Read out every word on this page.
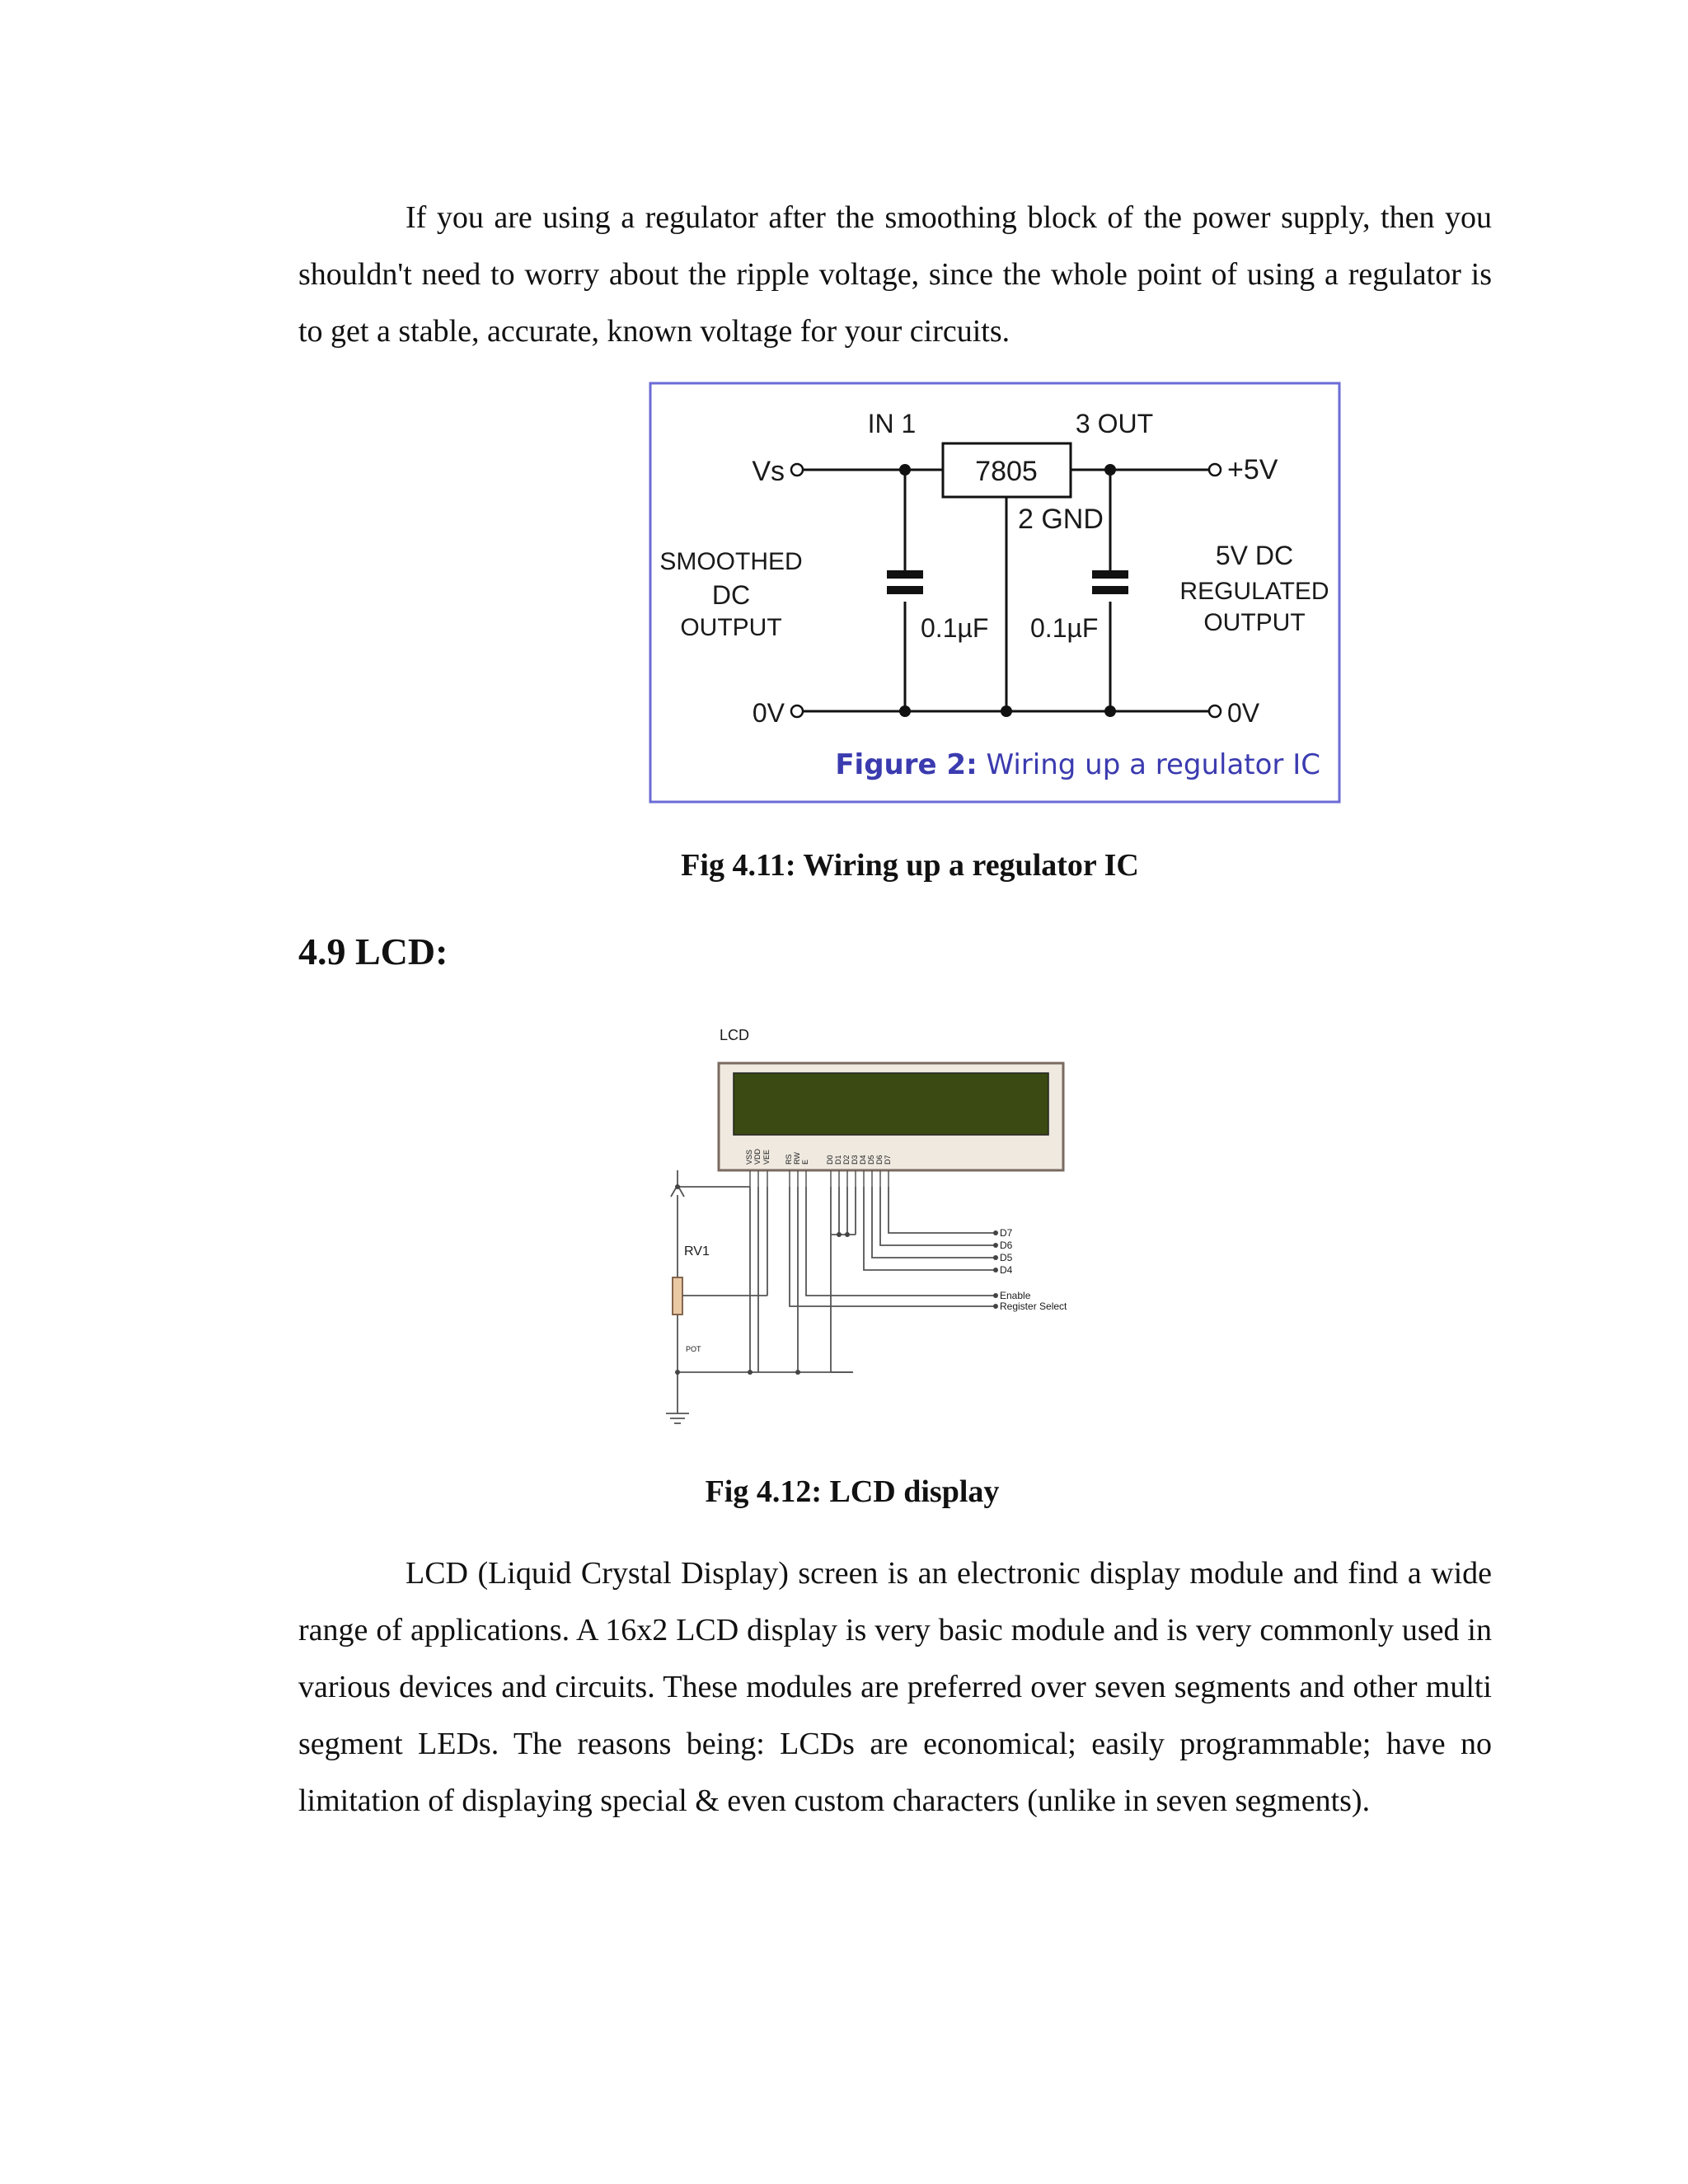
If you are using a regulator after the smoothing block of the power supply, then you shouldn't need to worry about the ripple voltage, since the whole point of using a regulator is to get a stable, accurate, known voltage for your circuits.

7805
Vs
IN 1	3 OUT
+5V
2 GND
SMOOTHED
DC
OUTPUT	0.1µF 0.1µF
5V DC
REGULATED
OUTPUT
0V	0V
Figure 2: Wiring up a regulator IC

Fig 4.11: Wiring up a regulator IC

4.9 LCD:
LCD
VSS VDD VEE RS RW E D0 D1 D2 D3 D4 D5 D6 D7
RV1
POT
D7
D6
D5
D4
Enable
Register Select

Fig 4.12: LCD display

LCD (Liquid Crystal Display) screen is an electronic display module and find a wide range of applications. A 16x2 LCD display is very basic module and is very commonly used in various devices and circuits. These modules are preferred over seven segments and other multi segment LEDs. The reasons being: LCDs are economical; easily programmable; have no limitation of displaying special & even custom characters (unlike in seven segments).
